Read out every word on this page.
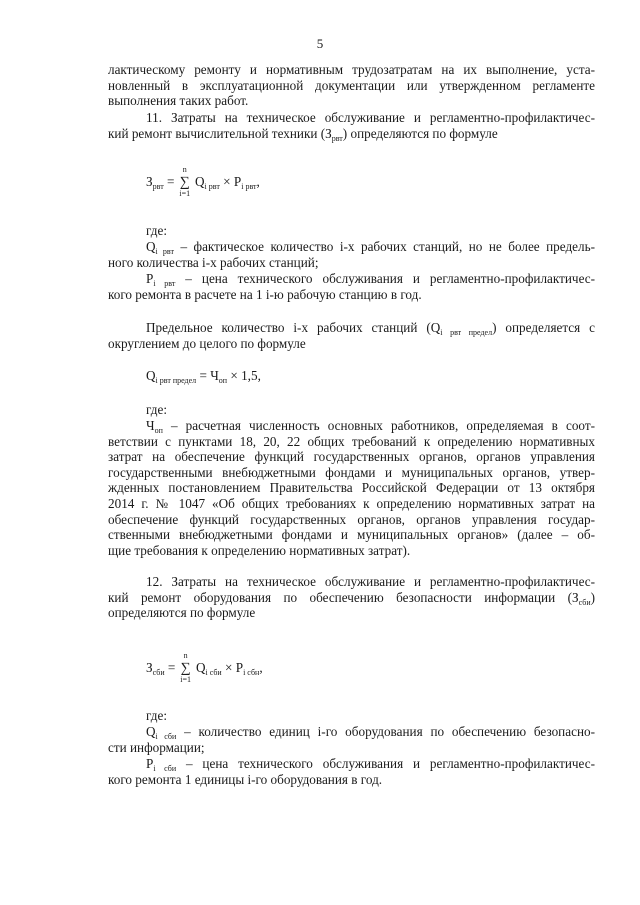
5
лактическому ремонту и нормативным трудозатратам на их выполнение, уста-
новленный в эксплуатационной документации или утвержденном регламенте
выполнения таких работ.
11. Затраты на техническое обслуживание и регламентно-профилактичес-
кий ремонт вычислительной техники $(З_{рвт})$ определяются по формуле
$З_{рвт}$ =
n
∑
i=1
$Q_{i рвт} \times P_{i рвт}$,
где:
$Q_{i рвт}$ – фактическое количество i-х рабочих станций, но не более предель-
ного количества i-х рабочих станций;
$P_{i рвт}$ – цена технического обслуживания и регламентно-профилактичес-
кого ремонта в расчете на 1 i-ю рабочую станцию в год.
Предельное количество i-х рабочих станций $(Q_{i рвт предел})$ определяется с
округлением до целого по формуле
$Q_{i рвт предел} = Ч_{оп} \times 1,5$,
где:
$Ч_{оп}$ – расчетная численность основных работников, определяемая в соот-
ветствии с пунктами 18, 20, 22 общих требований к определению нормативных
затрат на обеспечение функций государственных органов, органов управления
государственными внебюджетными фондами и муниципальных органов, утвер-
жденных постановлением Правительства Российской Федерации от 13 октября
2014 г. № 1047 «Об общих требованиях к определению нормативных затрат на
обеспечение функций государственных органов, органов управления государ-
ственными внебюджетными фондами и муниципальных органов» (далее – об-
щие требования к определению нормативных затрат).
12. Затраты на техническое обслуживание и регламентно-профилактичес-
кий ремонт оборудования по обеспечению безопасности информации $(З_{сби})$
определяются по формуле
$З_{сби}$ =
n
∑
i=1
$Q_{i сби} \times P_{i сбн}$,
где:
$Q_{i сби}$ – количество единиц i-го оборудования по обеспечению безопасно-
сти информации;
$P_{i сби}$ – цена технического обслуживания и регламентно-профилактичес-
кого ремонта 1 единицы i-го оборудования в год.
